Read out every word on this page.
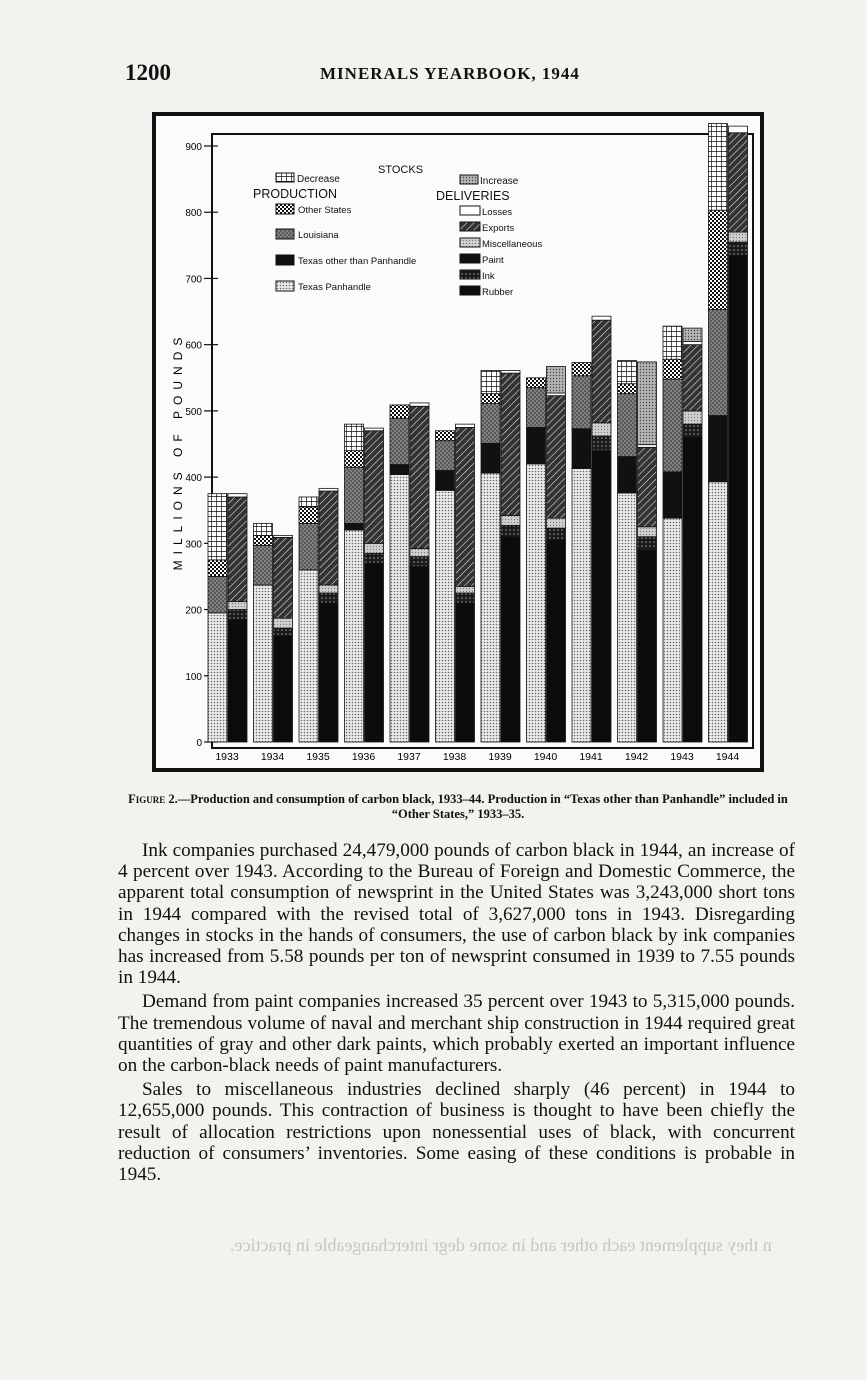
1200	MINERALS YEARBOOK, 1944
0
100
200
300
400
500
600
700
800
900
MILLIONS OF POUNDS
1933 1934 1935 1936 1937 1938 1939 1940 1941 1942 1943 1944
STOCKS
Decrease	Increase
PRODUCTION	DELIVERIES
Other States
Louisiana
Texas other than Panhandle
Texas Panhandle
Losses
Exports
Miscellaneous
Paint
Ink
Rubber
Figure 2.—Production and consumption of carbon black, 1933–44. Production in “Texas other than Panhandle” included in “Other States,” 1933–35.

Ink companies purchased 24,479,000 pounds of carbon black in 1944, an increase of 4 percent over 1943. According to the Bureau of Foreign and Domestic Commerce, the apparent total consumption of newsprint in the United States was 3,243,000 short tons in 1944 compared with the revised total of 3,627,000 tons in 1943. Disregarding changes in stocks in the hands of consumers, the use of carbon black by ink companies has increased from 5.58 pounds per ton of newsprint consumed in 1939 to 7.55 pounds in 1944.

Demand from paint companies increased 35 percent over 1943 to 5,315,000 pounds. The tremendous volume of naval and merchant ship construction in 1944 required great quantities of gray and other dark paints, which probably exerted an important influence on the carbon-black needs of paint manufacturers.

Sales to miscellaneous industries declined sharply (46 percent) in 1944 to 12,655,000 pounds. This contraction of business is thought to have been chiefly the result of allocation restrictions upon nonessential uses of black, with concurrent reduction of consumers’ inventories. Some easing of these conditions is probable in 1945.

n they supplement each other and in some degr interchangeable in practice.
